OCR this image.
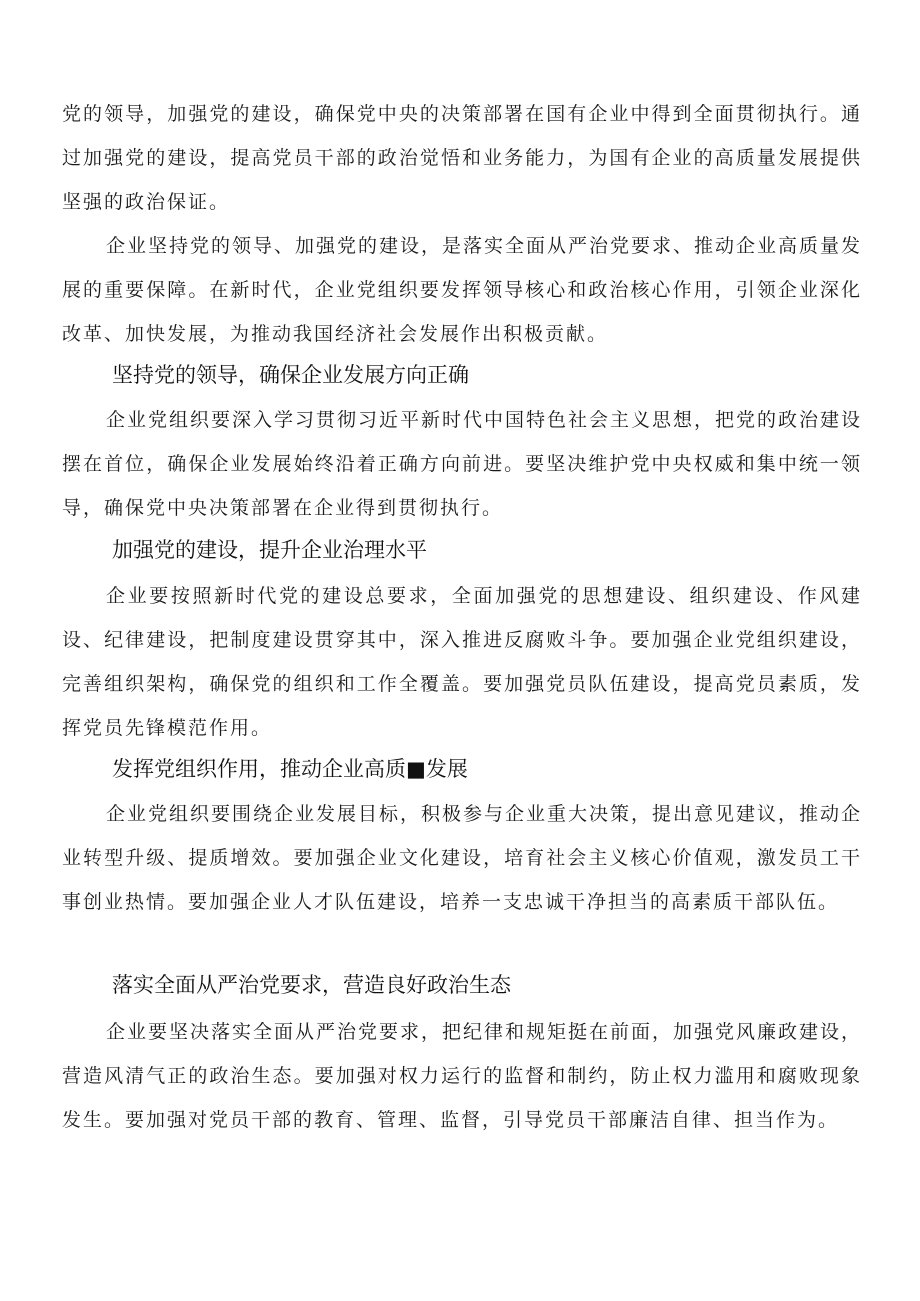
党的领导，加强党的建设，确保党中央的决策部署在国有企业中得到全面贯彻执行。通过加强党的建设，提高党员干部的政治觉悟和业务能力，为国有企业的高质量发展提供坚强的政治保证。

企业坚持党的领导、加强党的建设，是落实全面从严治党要求、推动企业高质量发展的重要保障。在新时代，企业党组织要发挥领导核心和政治核心作用，引领企业深化改革、加快发展，为推动我国经济社会发展作出积极贡献。

坚持党的领导，确保企业发展方向正确

企业党组织要深入学习贯彻习近平新时代中国特色社会主义思想，把党的政治建设摆在首位，确保企业发展始终沿着正确方向前进。要坚决维护党中央权威和集中统一领导，确保党中央决策部署在企业得到贯彻执行。

加强党的建设，提升企业治理水平

企业要按照新时代党的建设总要求，全面加强党的思想建设、组织建设、作风建设、纪律建设，把制度建设贯穿其中，深入推进反腐败斗争。要加强企业党组织建设，完善组织架构，确保党的组织和工作全覆盖。要加强党员队伍建设，提高党员素质，发挥党员先锋模范作用。

发挥党组织作用，推动企业高质■发展

企业党组织要围绕企业发展目标，积极参与企业重大决策，提出意见建议，推动企业转型升级、提质增效。要加强企业文化建设，培育社会主义核心价值观，激发员工干事创业热情。要加强企业人才队伍建设，培养一支忠诚干净担当的高素质干部队伍。

落实全面从严治党要求，营造良好政治生态

企业要坚决落实全面从严治党要求，把纪律和规矩挺在前面，加强党风廉政建设，营造风清气正的政治生态。要加强对权力运行的监督和制约，防止权力滥用和腐败现象发生。要加强对党员干部的教育、管理、监督，引导党员干部廉洁自律、担当作为。
